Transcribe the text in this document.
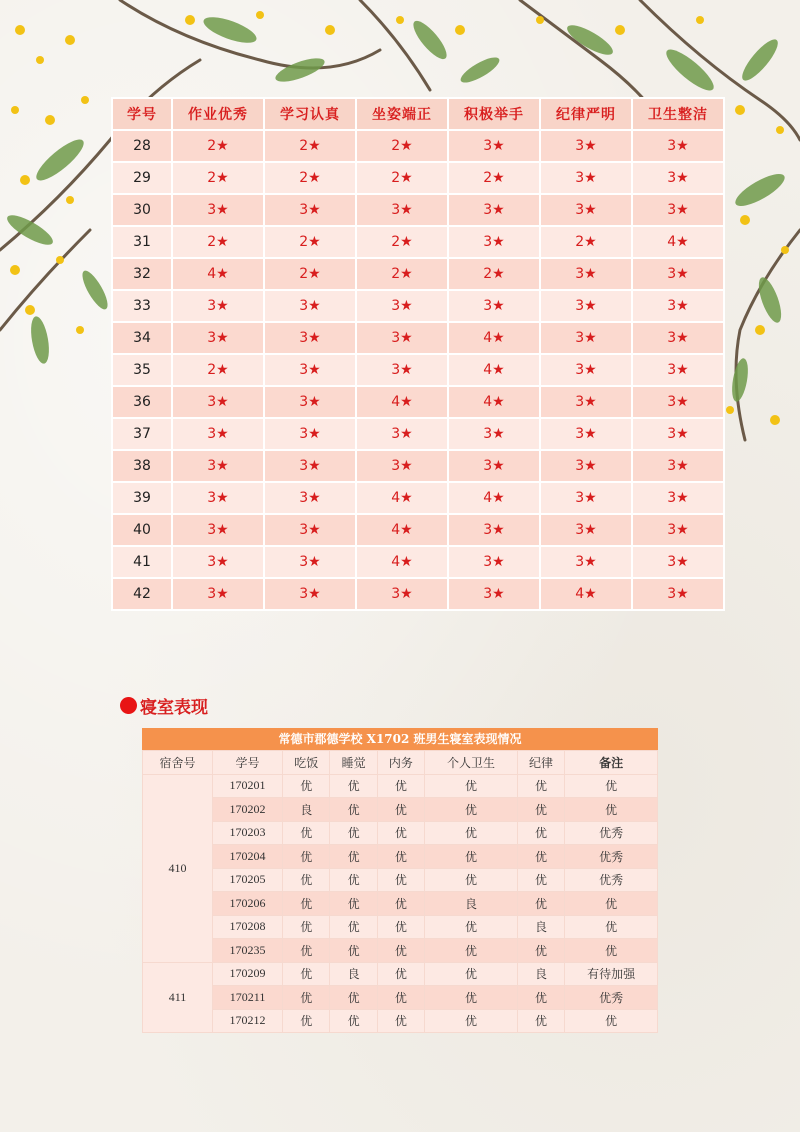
学号	作业优秀	学习认真	坐姿端正	积极举手	纪律严明	卫生整洁
28	2★	2★	2★	3★	3★	3★
29	2★	2★	2★	2★	3★	3★
30	3★	3★	3★	3★	3★	3★
31	2★	2★	2★	3★	2★	4★
32	4★	2★	2★	2★	3★	3★
33	3★	3★	3★	3★	3★	3★
34	3★	3★	3★	4★	3★	3★
35	2★	3★	3★	4★	3★	3★
36	3★	3★	4★	4★	3★	3★
37	3★	3★	3★	3★	3★	3★
38	3★	3★	3★	3★	3★	3★
39	3★	3★	4★	4★	3★	3★
40	3★	3★	4★	3★	3★	3★
41	3★	3★	4★	3★	3★	3★
42	3★	3★	3★	3★	4★	3★
寝室表现
常德市郡德学校 X1702 班男生寝室表现情况
宿舍号	学号	吃饭	睡觉	内务	个人卫生	纪律	备注
410	170201	优	优	优	优	优	优
	170202	良	优	优	优	优	优
	170203	优	优	优	优	优	优秀
	170204	优	优	优	优	优	优秀
	170205	优	优	优	优	优	优秀
	170206	优	优	优	良	优	优
	170208	优	优	优	优	良	优
	170235	优	优	优	优	优	优
411	170209	优	良	优	优	良	有待加强
	170211	优	优	优	优	优	优秀
	170212	优	优	优	优	优	优
